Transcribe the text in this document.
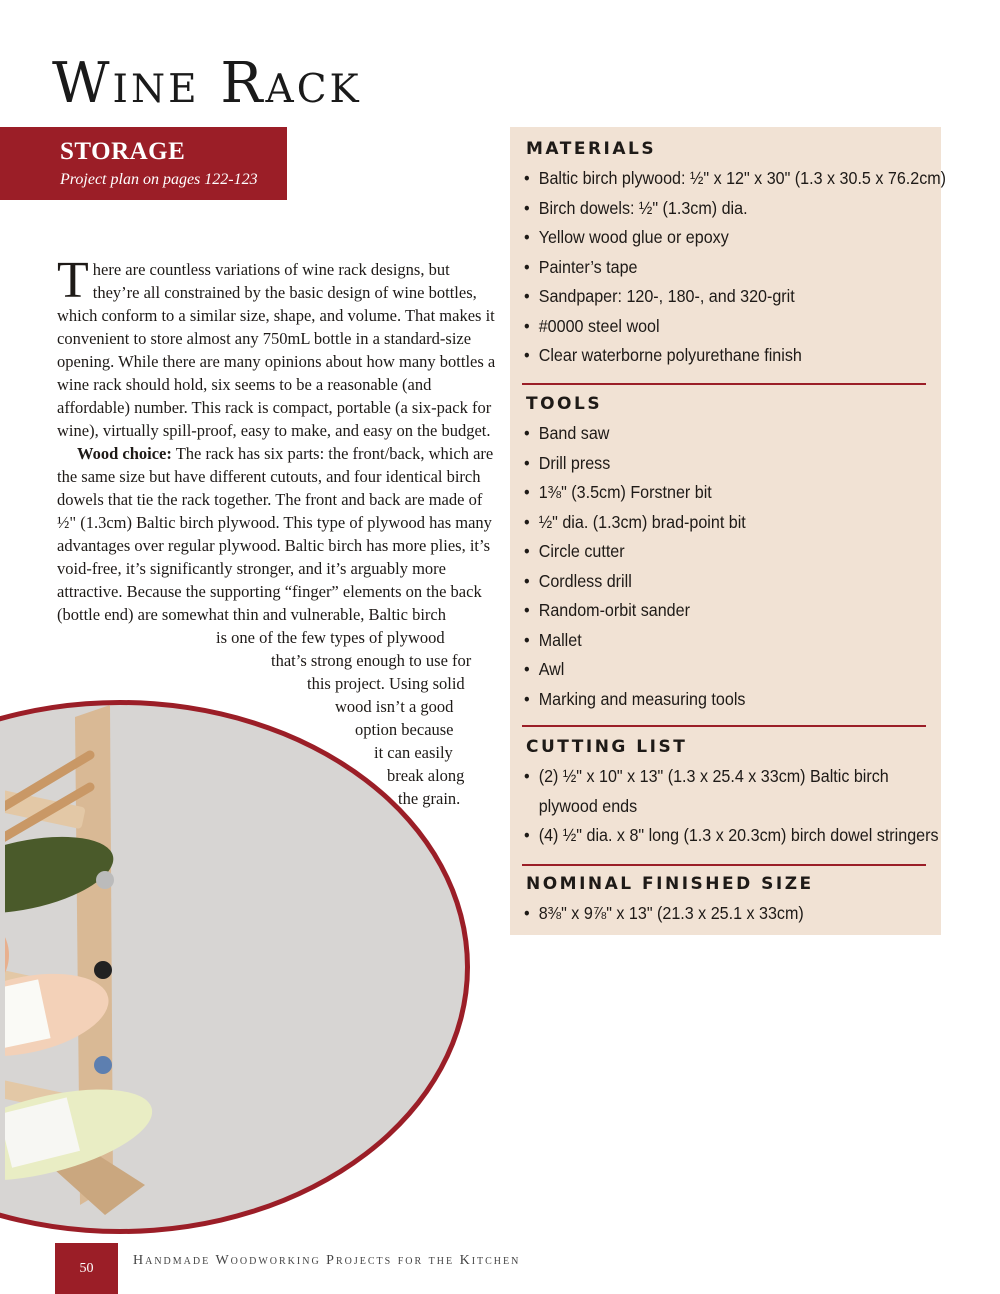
Wine Rack
STORAGE
Project plan on pages 122-123

There are countless variations of wine rack designs, but they’re all constrained by the basic design of wine bottles, which conform to a similar size, shape, and volume. That makes it convenient to store almost any 750mL bottle in a standard-size opening. While there are many opinions about how many bottles a wine rack should hold, six seems to be a reasonable (and affordable) number. This rack is compact, portable (a six-pack for wine), virtually spill-proof, easy to make, and easy on the budget.

Wood choice: The rack has six parts: the front/back, which are the same size but have different cutouts, and four identical birch dowels that tie the rack together. The front and back are made of ½" (1.3cm) Baltic birch plywood. This type of plywood has many advantages over regular plywood. Baltic birch has more plies, it’s void-free, it’s significantly stronger, and it’s arguably more attractive. Because the supporting “finger” elements on the back (bottle end) are somewhat thin and vulnerable, Baltic birch

is one of the few types of plywood
that’s strong enough to use for
this project. Using solid
wood isn’t a good
option because
it can easily
break along
the grain.
MATERIALS
• Baltic birch plywood: ½" x 12" x 30" (1.3 x 30.5 x 76.2cm)
• Birch dowels: ½" (1.3cm) dia.
• Yellow wood glue or epoxy
• Painter’s tape
• Sandpaper: 120-, 180-, and 320-grit
• #0000 steel wool
• Clear waterborne polyurethane finish
TOOLS
• Band saw
• Drill press
• 1⅜" (3.5cm) Forstner bit
• ½" dia. (1.3cm) brad-point bit
• Circle cutter
• Cordless drill
• Random-orbit sander
• Mallet
• Awl
• Marking and measuring tools
CUTTING LIST
• (2) ½" x 10" x 13" (1.3 x 25.4 x 33cm) Baltic birch
plywood ends
• (4) ½" dia. x 8" long (1.3 x 20.3cm) birch dowel stringers
NOMINAL FINISHED SIZE
• 8⅜" x 9⅞" x 13" (21.3 x 25.1 x 33cm)
50
Handmade Woodworking Projects for the Kitchen
